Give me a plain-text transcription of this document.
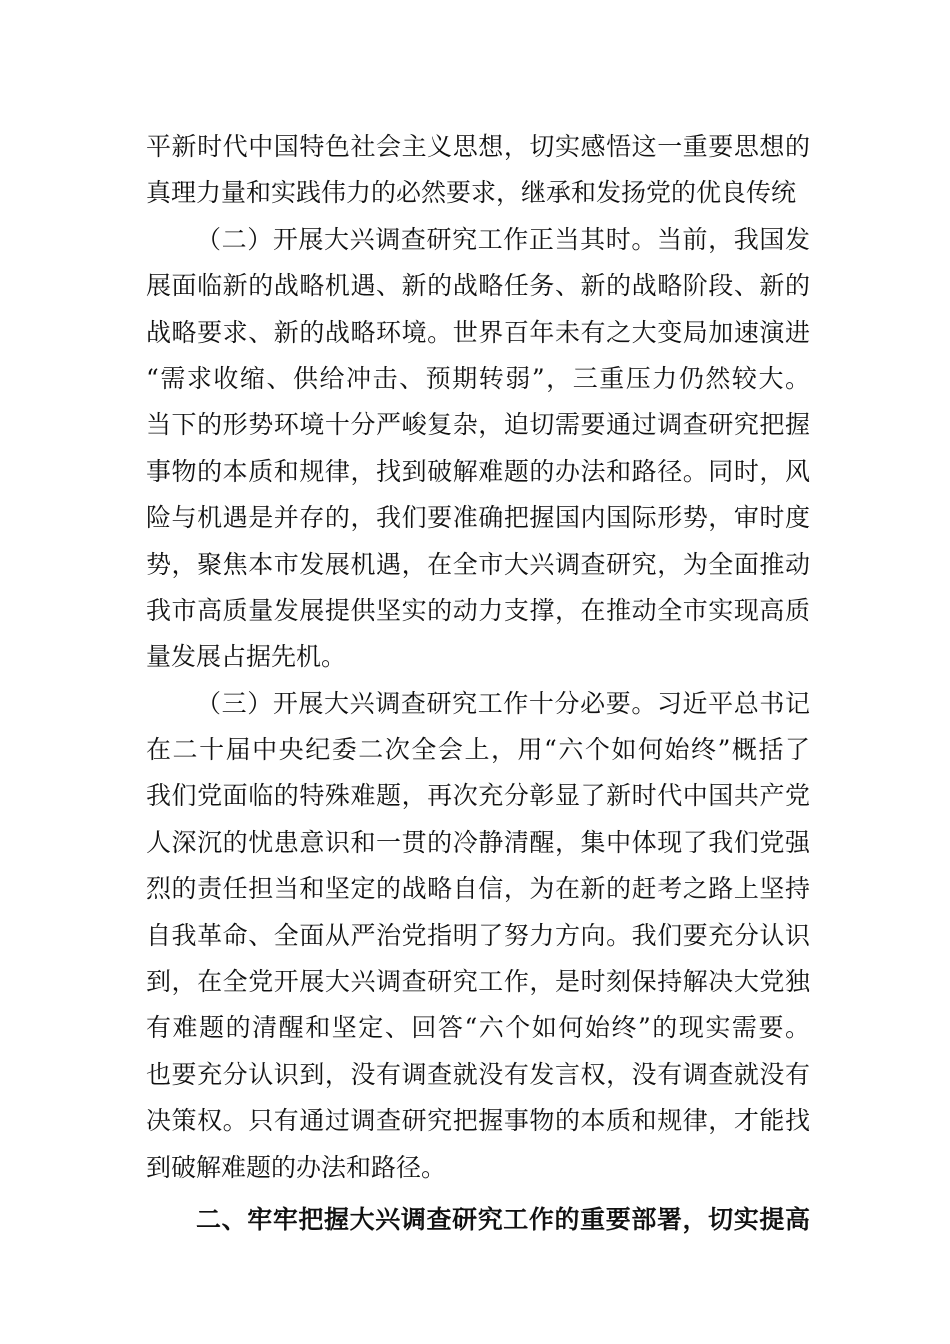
平新时代中国特色社会主义思想，切实感悟这一重要思想的
真理力量和实践伟力的必然要求，继承和发扬党的优良传统
（二）开展大兴调查研究工作正当其时。当前，我国发
展面临新的战略机遇、新的战略任务、新的战略阶段、新的
战略要求、新的战略环境。世界百年未有之大变局加速演进
“需求收缩、供给冲击、预期转弱”，三重压力仍然较大。
当下的形势环境十分严峻复杂，迫切需要通过调查研究把握
事物的本质和规律，找到破解难题的办法和路径。同时，风
险与机遇是并存的，我们要准确把握国内国际形势，审时度
势，聚焦本市发展机遇，在全市大兴调查研究，为全面推动
我市高质量发展提供坚实的动力支撑，在推动全市实现高质
量发展占据先机。
（三）开展大兴调查研究工作十分必要。习近平总书记
在二十届中央纪委二次全会上，用“六个如何始终”概括了
我们党面临的特殊难题，再次充分彰显了新时代中国共产党
人深沉的忧患意识和一贯的冷静清醒，集中体现了我们党强
烈的责任担当和坚定的战略自信，为在新的赶考之路上坚持
自我革命、全面从严治党指明了努力方向。我们要充分认识
到，在全党开展大兴调查研究工作，是时刻保持解决大党独
有难题的清醒和坚定、回答“六个如何始终”的现实需要。
也要充分认识到，没有调查就没有发言权，没有调查就没有
决策权。只有通过调查研究把握事物的本质和规律，才能找
到破解难题的办法和路径。
二、牢牢把握大兴调查研究工作的重要部署，切实提高
